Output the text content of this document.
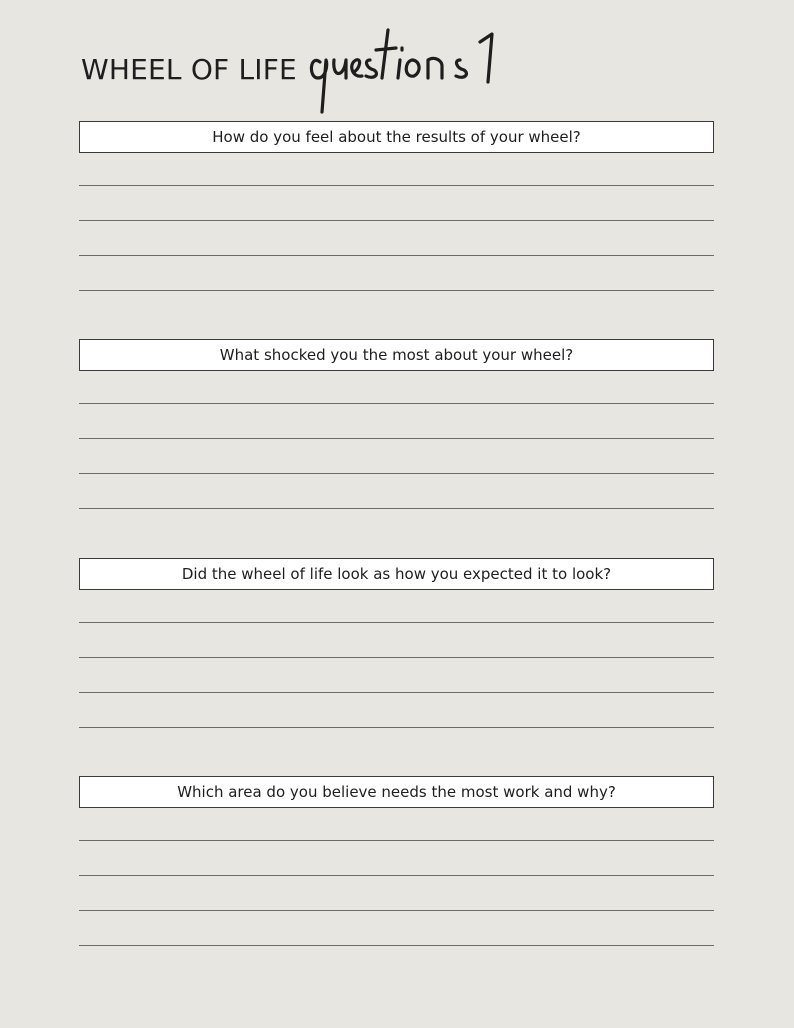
WHEEL OF LIFE
questions 1
How do you feel about the results of your wheel?
What shocked you the most about your wheel?
Did the wheel of life look as how you expected it to look?
Which area do you believe needs the most work and why?
